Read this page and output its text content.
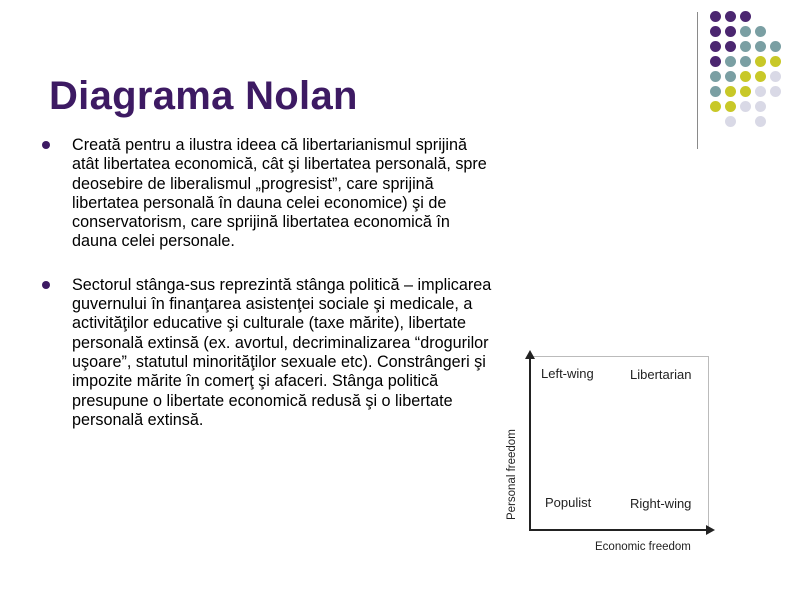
Diagrama Nolan
Creată pentru a ilustra ideea că libertarianismul sprijină atât libertatea economică, cât şi libertatea personală, spre deosebire de liberalismul „progresist”, care sprijină libertatea personală în dauna celei economice) şi de conservatorism, care sprijină libertatea economică în dauna celei personale.
Sectorul stânga-sus reprezintă stânga politică – implicarea guvernului în finanţarea asistenţei sociale şi medicale, a activităţilor educative şi culturale (taxe mărite), libertate personală extinsă (ex. avortul, decriminalizarea “drogurilor uşoare”, statutul minorităţilor sexuale etc). Constrângeri şi impozite mărite în comerţ şi afaceri. Stânga politică presupune o libertate economică redusă şi o libertate personală extinsă.
Personal freedom
Economic freedom
Left-wing	Libertarian
Populist	Right-wing
